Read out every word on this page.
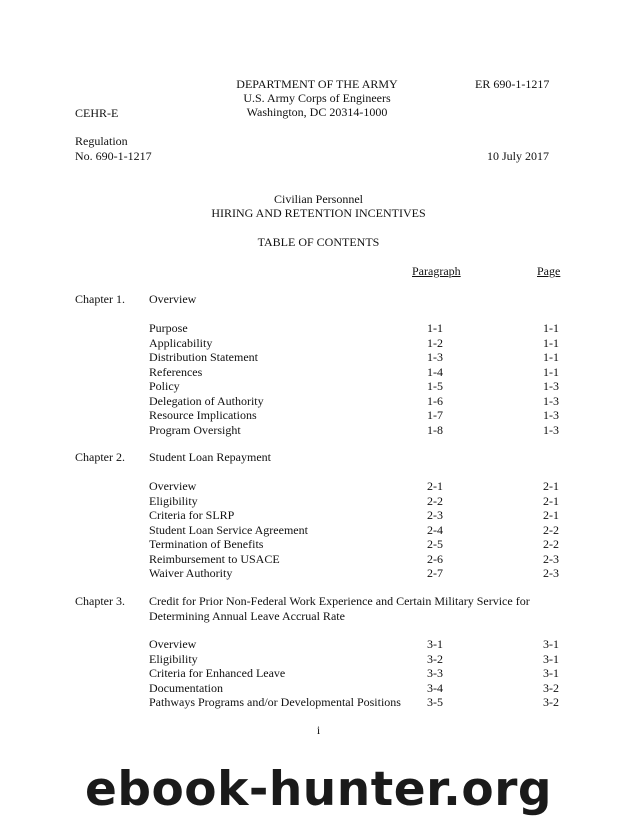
DEPARTMENT OF THE ARMY
U.S. Army Corps of Engineers
Washington, DC 20314-1000
ER 690-1-1217
CEHR-E
Regulation
No. 690-1-1217	10 July 2017
Civilian Personnel
HIRING AND RETENTION INCENTIVES
TABLE OF CONTENTS
Paragraph	Page
Chapter 1. Overview
Purpose	1-1	1-1
Applicability	1-2	1-1
Distribution Statement	1-3	1-1
References	1-4	1-1
Policy	1-5	1-3
Delegation of Authority	1-6	1-3
Resource Implications	1-7	1-3
Program Oversight	1-8	1-3
Chapter 2. Student Loan Repayment
Overview	2-1	2-1
Eligibility	2-2	2-1
Criteria for SLRP	2-3	2-1
Student Loan Service Agreement	2-4	2-2
Termination of Benefits	2-5	2-2
Reimbursement to USACE	2-6	2-3
Waiver Authority	2-7	2-3
Chapter 3. Credit for Prior Non-Federal Work Experience and Certain Military Service for
Determining Annual Leave Accrual Rate
Overview	3-1	3-1
Eligibility	3-2	3-1
Criteria for Enhanced Leave	3-3	3-1
Documentation	3-4	3-2
Pathways Programs and/or Developmental Positions 3-5	3-2
i
ebook-hunter.org
